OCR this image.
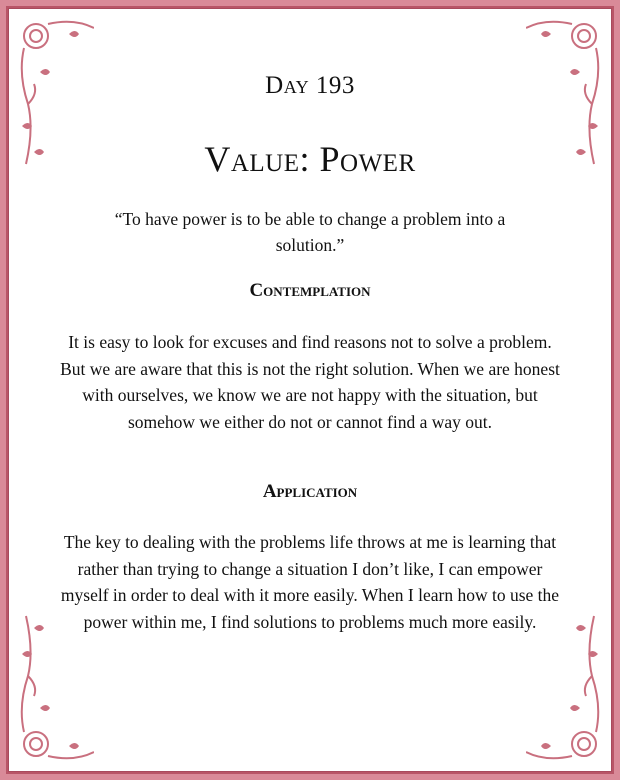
Day 193
Value: Power
“To have power is to be able to change a problem into a solution.”
Contemplation
It is easy to look for excuses and find reasons not to solve a problem. But we are aware that this is not the right solution. When we are honest with ourselves, we know we are not happy with the situation, but somehow we either do not or cannot find a way out.
Application
The key to dealing with the problems life throws at me is learning that rather than trying to change a situation I don’t like, I can empower myself in order to deal with it more easily. When I learn how to use the power within me, I find solutions to problems much more easily.
